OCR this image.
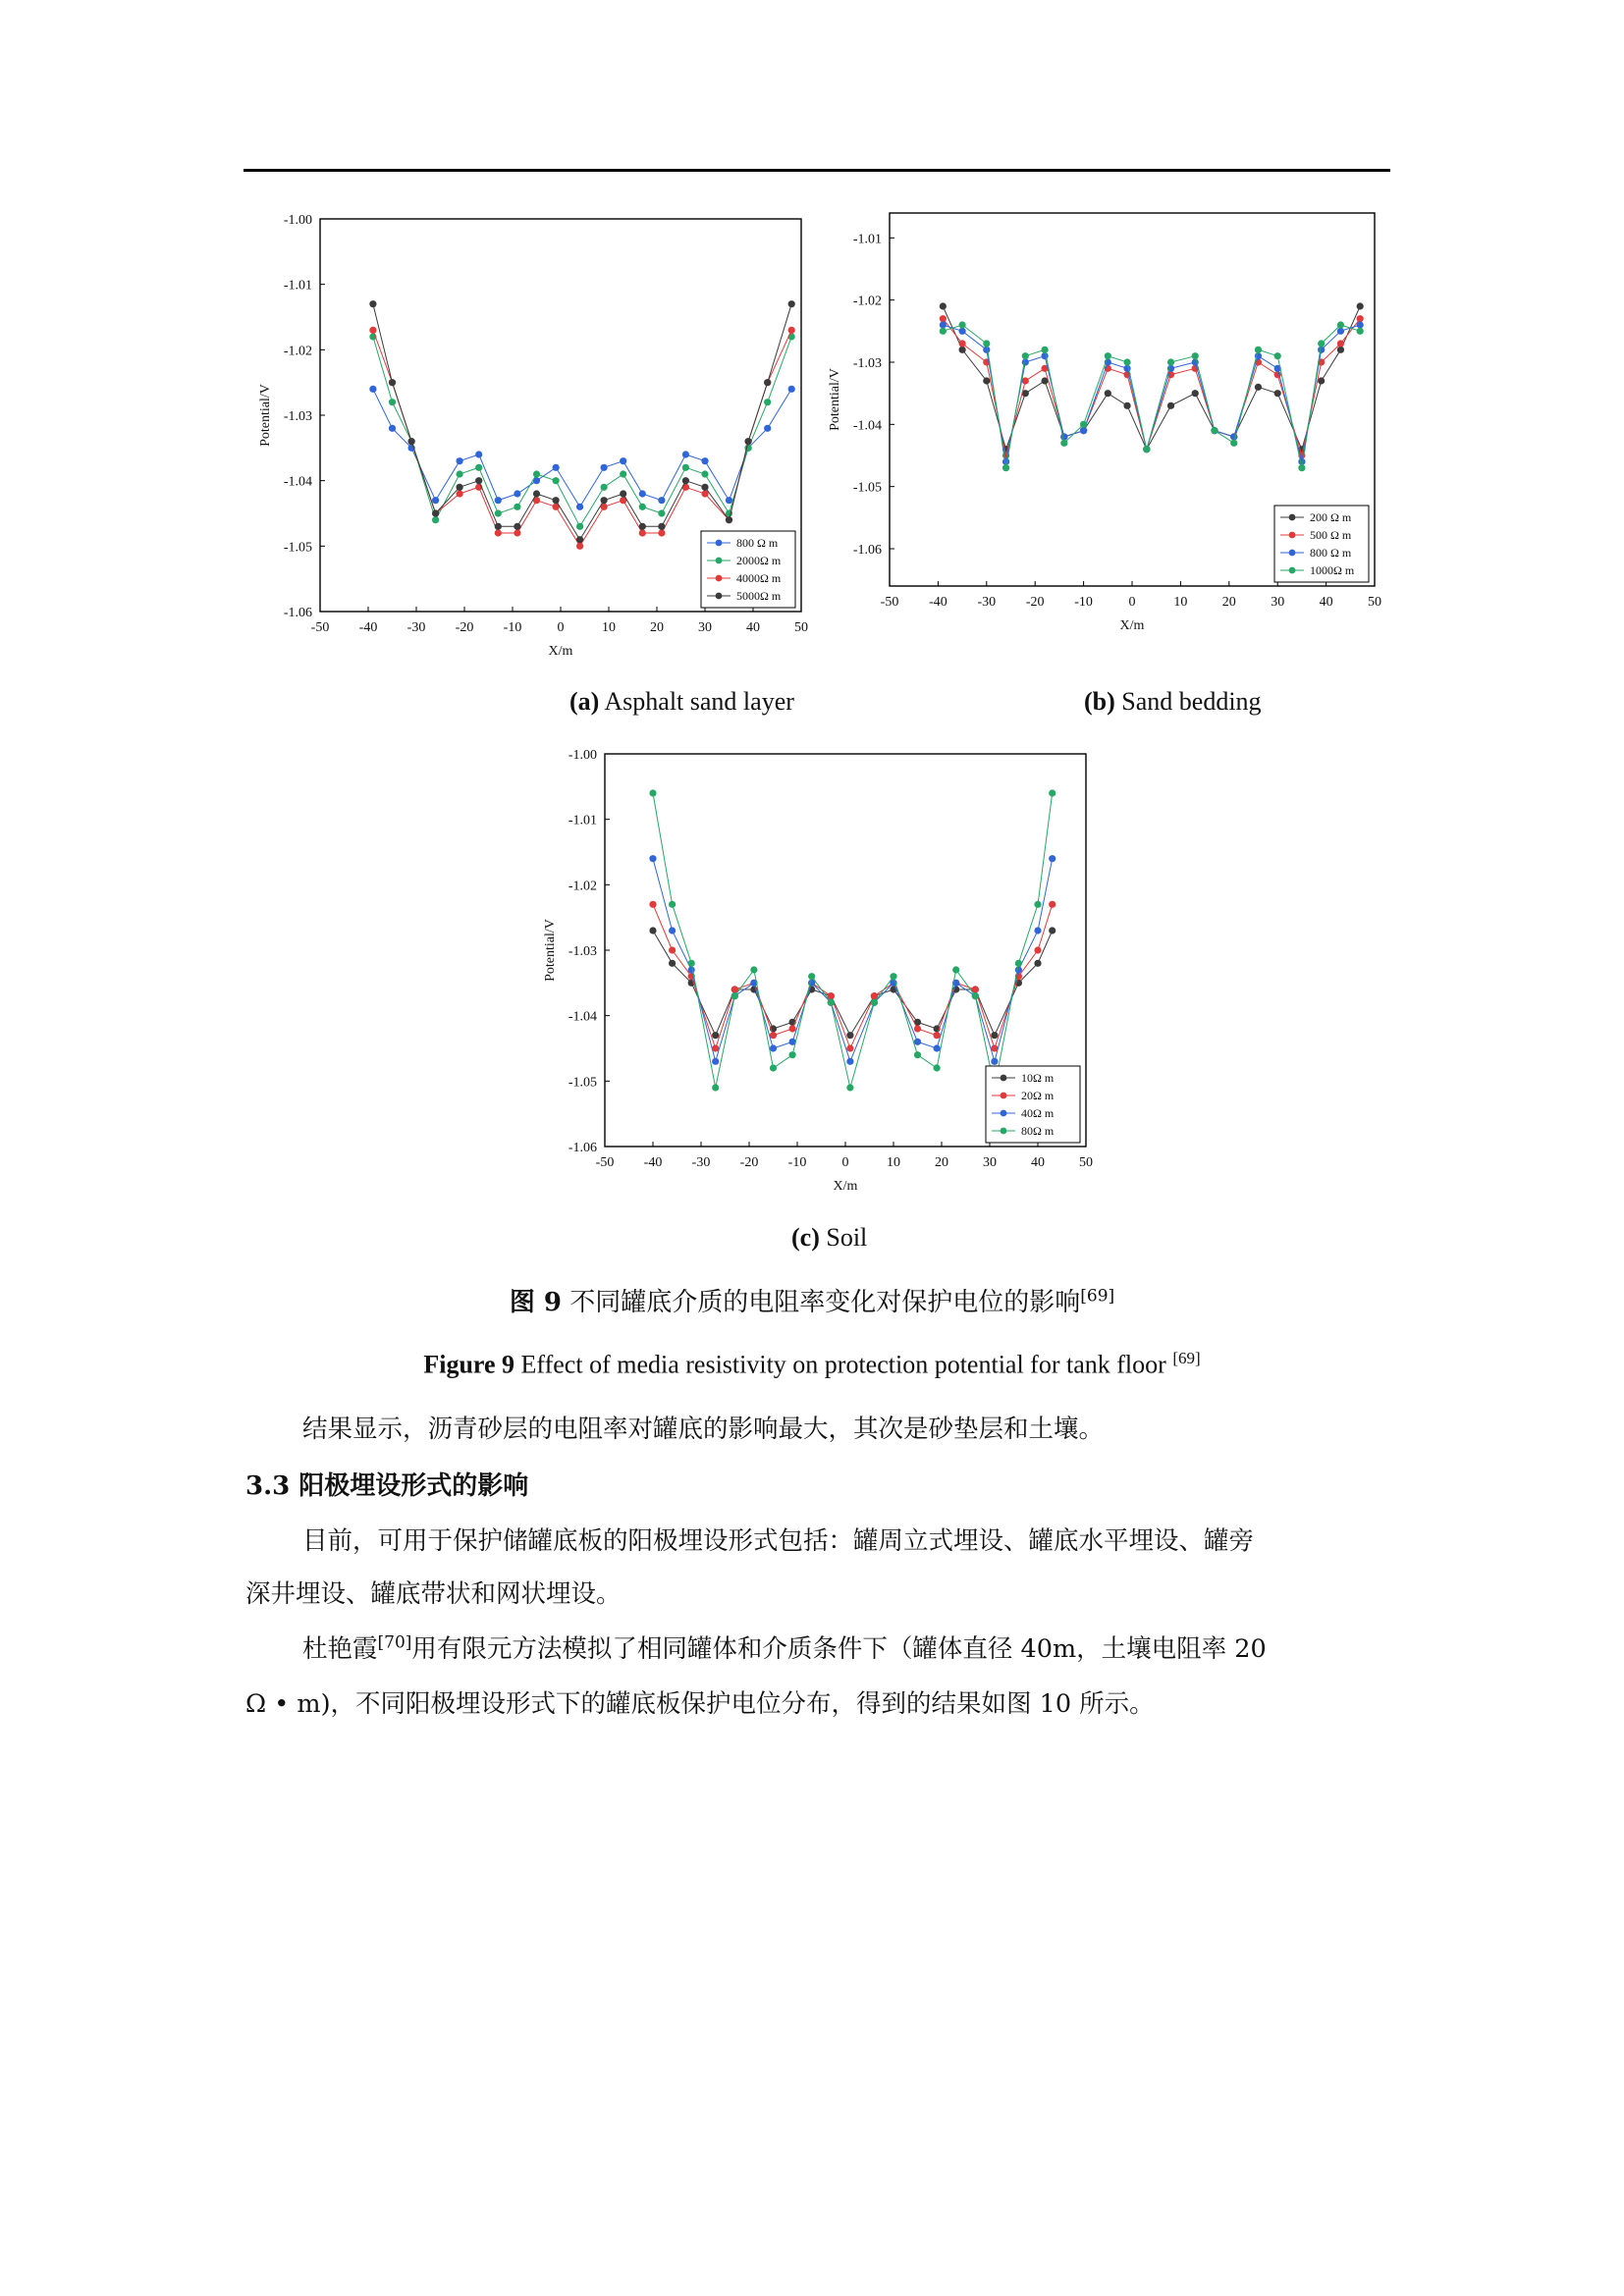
-50 -40 -30 -20 -10	0	10	20	30	40	50
-1.00
-1.01
-1.02
-1.03
-1.04
-1.05
-1.06
X/m
Potential/V
800 Ω m
2000Ω m
4000Ω m
5000Ω m	-50 -40 -30 -20 -10	0	10	20	30	40	50
-1.01
-1.02
-1.03
-1.04
-1.05
-1.06
X/m
Potential/V
200 Ω m
500 Ω m
800 Ω m
1000Ω m
-50 -40 -30 -20 -10	0	10	20	30	40	50
-1.00
-1.01
-1.02
-1.03
-1.04
-1.05
-1.06
X/m
Potential/V
10Ω m
20Ω m
40Ω m
80Ω m
(a) Asphalt sand layer	(b) Sand bedding
(c) Soil
图 9 不同罐底介质的电阻率变化对保护电位的影响[69]
Figure 9 Effect of media resistivity on protection potential for tank floor [69]
结果显示，沥青砂层的电阻率对罐底的影响最大，其次是砂垫层和土壤。
3.3 阳极埋设形式的影响
目前，可用于保护储罐底板的阳极埋设形式包括：罐周立式埋设、罐底水平埋设、罐旁
深井埋设、罐底带状和网状埋设。
杜艳霞[70]用有限元方法模拟了相同罐体和介质条件下（罐体直径 40m，土壤电阻率 20
Ω • m)，不同阳极埋设形式下的罐底板保护电位分布，得到的结果如图 10 所示。
